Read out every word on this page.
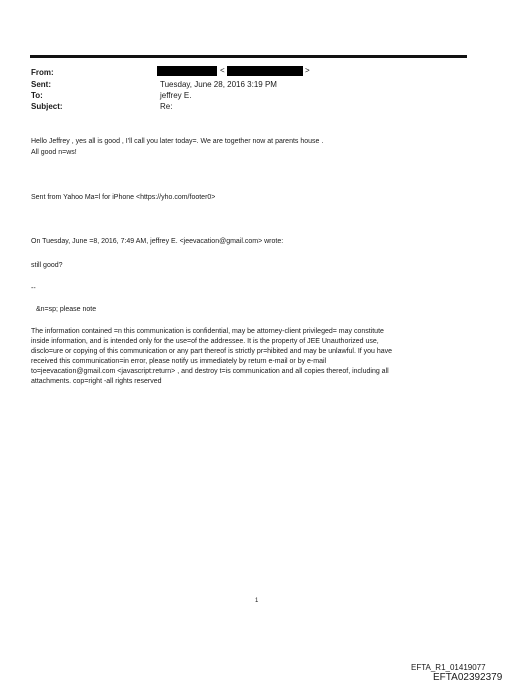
From:
Sent:
To:
Subject:
<	>
Tuesday, June 28, 2016 3:19 PM
jeffrey E.
Re:
Hello Jeffrey , yes all is good , I'll call you later today=. We are together now at parents house .
All good n=ws!
Sent from Yahoo Ma=l for iPhone <https://yho.com/footer0>
On Tuesday, June =8, 2016, 7:49 AM, jeffrey E. <jeevacation@gmail.com> wrote:
still good?
--
&n=sp; please note
The information contained =n this communication is confidential, may be attorney-client privileged= may constitute
inside information, and is intended only for the use=of the addressee. It is the property of JEE Unauthorized use,
disclo=ure or copying of this communication or any part thereof is strictly pr=hibited and may be unlawful. If you have
received this communication=in error, please notify us immediately by return e-mail or by e-mail
to=jeevacation@gmail.com <javascript:return> , and destroy t=is communication and all copies thereof, including all
attachments. cop=right -all rights reserved
1
EFTA_R1_01419077
EFTA02392379
